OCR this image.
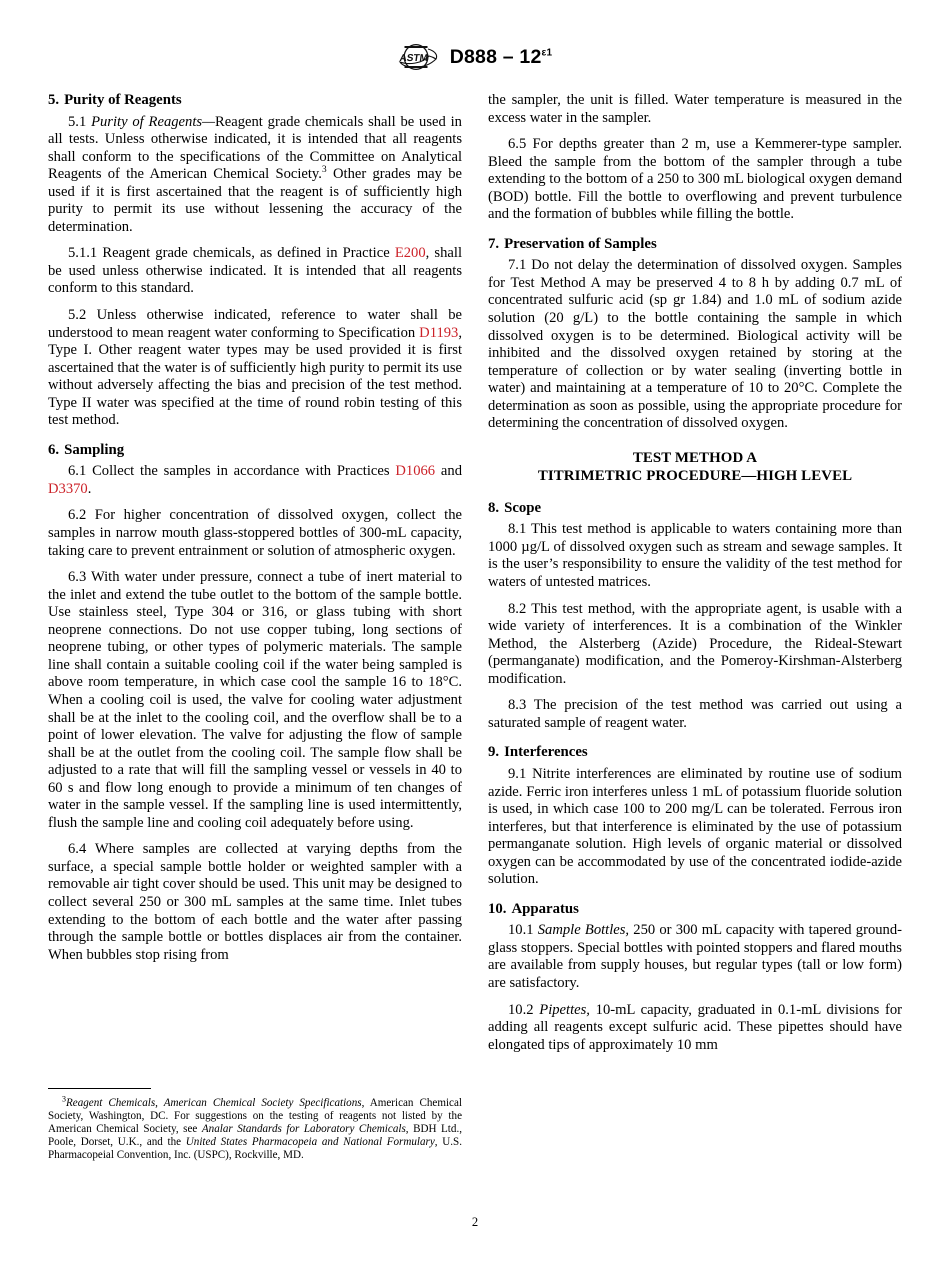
ASTM $D888 - 12^{\varepsilon 1}$

5. Purity of Reagents

5.1 Purity of Reagents—Reagent grade chemicals shall be used in all tests. Unless otherwise indicated, it is intended that all reagents shall conform to the specifications of the Committee on Analytical Reagents of the American Chemical Society.$^3$ Other grades may be used if it is first ascertained that the reagent is of sufficiently high purity to permit its use without lessening the accuracy of the determination.

5.1.1 Reagent grade chemicals, as defined in Practice E200, shall be used unless otherwise indicated. It is intended that all reagents conform to this standard.

5.2 Unless otherwise indicated, reference to water shall be understood to mean reagent water conforming to Specification D1193, Type I. Other reagent water types may be used provided it is first ascertained that the water is of sufficiently high purity to permit its use without adversely affecting the bias and precision of the test method. Type II water was specified at the time of round robin testing of this test method.

6. Sampling

6.1 Collect the samples in accordance with Practices D1066 and D3370.

6.2 For higher concentration of dissolved oxygen, collect the samples in narrow mouth glass-stoppered bottles of 300-mL capacity, taking care to prevent entrainment or solution of atmospheric oxygen.

6.3 With water under pressure, connect a tube of inert material to the inlet and extend the tube outlet to the bottom of the sample bottle. Use stainless steel, Type 304 or 316, or glass tubing with short neoprene connections. Do not use copper tubing, long sections of neoprene tubing, or other types of polymeric materials. The sample line shall contain a suitable cooling coil if the water being sampled is above room temperature, in which case cool the sample 16 to 18°C. When a cooling coil is used, the valve for cooling water adjustment shall be at the inlet to the cooling coil, and the overflow shall be to a point of lower elevation. The valve for adjusting the flow of sample shall be at the outlet from the cooling coil. The sample flow shall be adjusted to a rate that will fill the sampling vessel or vessels in 40 to 60 s and flow long enough to provide a minimum of ten changes of water in the sample vessel. If the sampling line is used intermittently, flush the sample line and cooling coil adequately before using.

6.4 Where samples are collected at varying depths from the surface, a special sample bottle holder or weighted sampler with a removable air tight cover should be used. This unit may be designed to collect several 250 or 300 mL samples at the same time. Inlet tubes extending to the bottom of each bottle and the water after passing through the sample bottle or bottles displaces air from the container. When bubbles stop rising from

the sampler, the unit is filled. Water temperature is measured in the excess water in the sampler.

6.5 For depths greater than 2 m, use a Kemmerer-type sampler. Bleed the sample from the bottom of the sampler through a tube extending to the bottom of a 250 to 300 mL biological oxygen demand (BOD) bottle. Fill the bottle to overflowing and prevent turbulence and the formation of bubbles while filling the bottle.

7. Preservation of Samples

7.1 Do not delay the determination of dissolved oxygen. Samples for Test Method A may be preserved 4 to 8 h by adding 0.7 mL of concentrated sulfuric acid (sp gr 1.84) and 1.0 mL of sodium azide solution (20 g/L) to the bottle containing the sample in which dissolved oxygen is to be determined. Biological activity will be inhibited and the dissolved oxygen retained by storing at the temperature of collection or by water sealing (inverting bottle in water) and maintaining at a temperature of 10 to 20°C. Complete the determination as soon as possible, using the appropriate procedure for determining the concentration of dissolved oxygen.

TEST METHOD A
TITRIMETRIC PROCEDURE—HIGH LEVEL

8. Scope

8.1 This test method is applicable to waters containing more than 1000 µg/L of dissolved oxygen such as stream and sewage samples. It is the user’s responsibility to ensure the validity of the test method for waters of untested matrices.

8.2 This test method, with the appropriate agent, is usable with a wide variety of interferences. It is a combination of the Winkler Method, the Alsterberg (Azide) Procedure, the Rideal-Stewart (permanganate) modification, and the Pomeroy-Kirshman-Alsterberg modification.

8.3 The precision of the test method was carried out using a saturated sample of reagent water.

9. Interferences

9.1 Nitrite interferences are eliminated by routine use of sodium azide. Ferric iron interferes unless 1 mL of potassium fluoride solution is used, in which case 100 to 200 mg/L can be tolerated. Ferrous iron interferes, but that interference is eliminated by the use of potassium permanganate solution. High levels of organic material or dissolved oxygen can be accommodated by use of the concentrated iodide-azide solution.

10. Apparatus

10.1 Sample Bottles, 250 or 300 mL capacity with tapered ground-glass stoppers. Special bottles with pointed stoppers and flared mouths are available from supply houses, but regular types (tall or low form) are satisfactory.

10.2 Pipettes, 10-mL capacity, graduated in 0.1-mL divisions for adding all reagents except sulfuric acid. These pipettes should have elongated tips of approximately 10 mm

$^3$Reagent Chemicals, American Chemical Society Specifications, American Chemical Society, Washington, DC. For suggestions on the testing of reagents not listed by the American Chemical Society, see Analar Standards for Laboratory Chemicals, BDH Ltd., Poole, Dorset, U.K., and the United States Pharmacopeia and National Formulary, U.S. Pharmacopeial Convention, Inc. (USPC), Rockville, MD.

2
